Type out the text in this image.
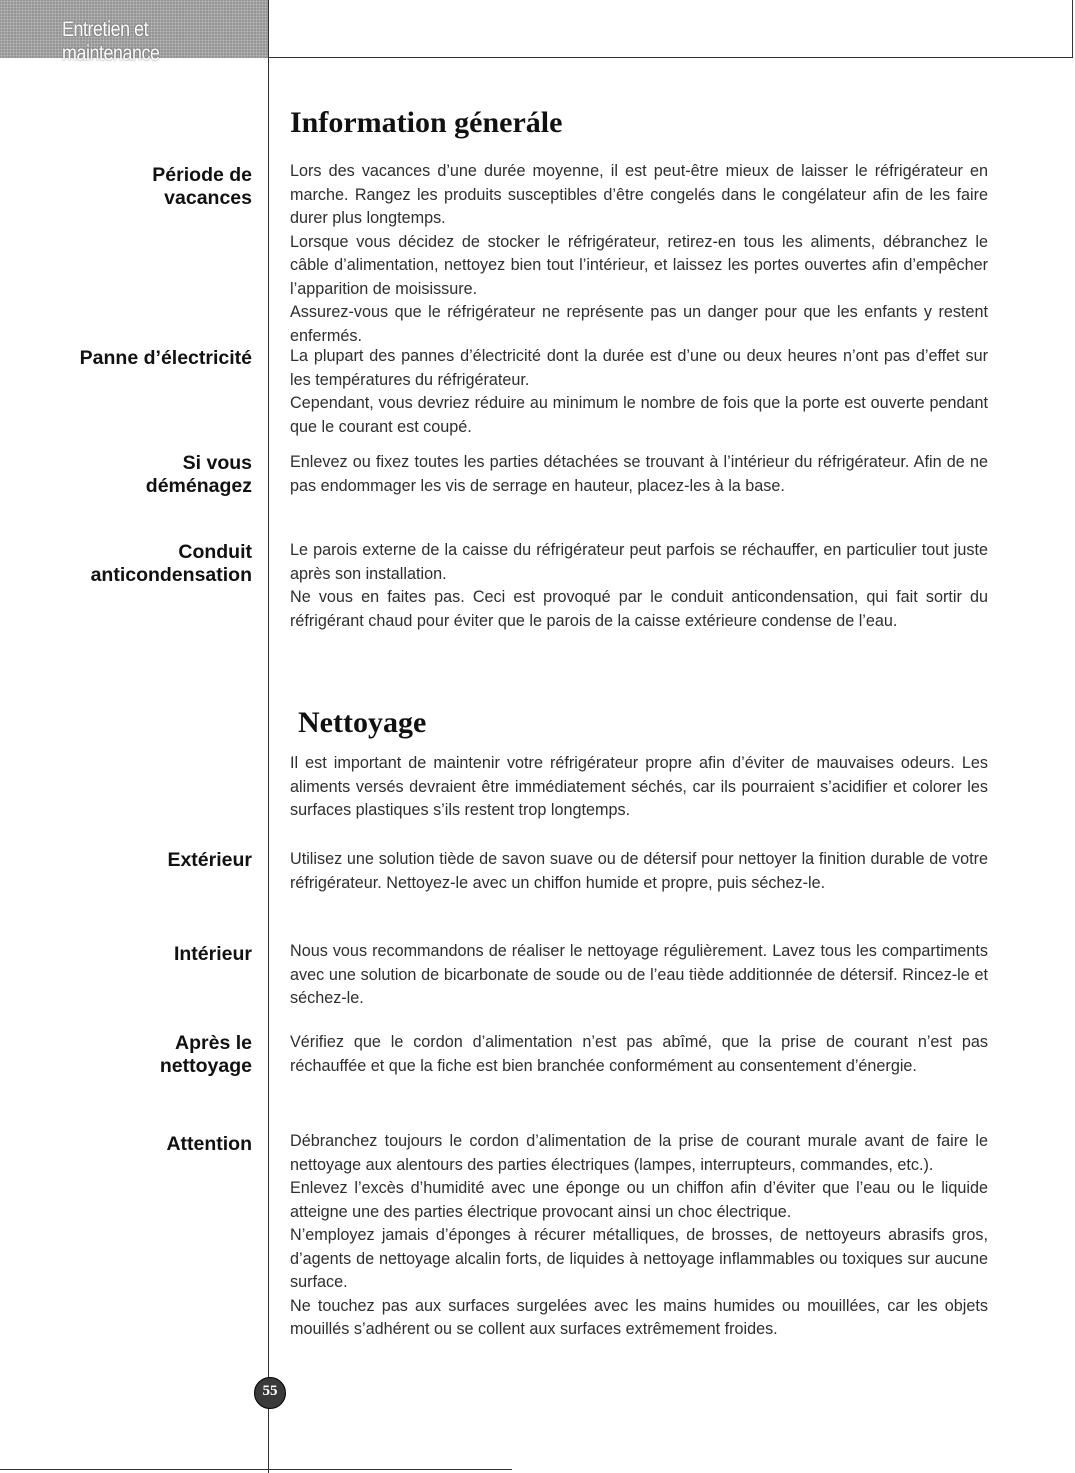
Entretien et maintenance
Information génerále
Période de
vacances

Lors des vacances d’une durée moyenne, il est peut-être mieux de laisser le réfrigérateur en marche. Rangez les produits susceptibles d’être congelés dans le congélateur afin de les faire durer plus longtemps.

Lorsque vous décidez de stocker le réfrigérateur, retirez-en tous les aliments, débranchez le câble d’alimentation, nettoyez bien tout l’intérieur, et laissez les portes ouvertes afin d’empêcher l’apparition de moisissure.

Assurez-vous que le réfrigérateur ne représente pas un danger pour que les enfants y restent enfermés.

Panne d’électricité La plupart des pannes d’électricité dont la durée est d’une ou deux heures n’ont pas d’effet sur les températures du réfrigérateur.

Cependant, vous devriez réduire au minimum le nombre de fois que la porte est ouverte pendant que le courant est coupé.

Si vous
déménagez

Enlevez ou fixez toutes les parties détachées se trouvant à l’intérieur du réfrigérateur. Afin de ne pas endommager les vis de serrage en hauteur, placez-les à la base.

Conduit
anticondensation

Le parois externe de la caisse du réfrigérateur peut parfois se réchauffer, en particulier tout juste après son installation.

Ne vous en faites pas. Ceci est provoqué par le conduit anticondensation, qui fait sortir du réfrigérant chaud pour éviter que le parois de la caisse extérieure condense de l’eau.

Nettoyage

Il est important de maintenir votre réfrigérateur propre afin d’éviter de mauvaises odeurs. Les aliments versés devraient être immédiatement séchés, car ils pourraient s’acidifier et colorer les surfaces plastiques s’ils restent trop longtemps.

Extérieur Utilisez une solution tiède de savon suave ou de détersif pour nettoyer la finition durable de votre réfrigérateur. Nettoyez-le avec un chiffon humide et propre, puis séchez-le.

Intérieur Nous vous recommandons de réaliser le nettoyage régulièrement. Lavez tous les compartiments avec une solution de bicarbonate de soude ou de l’eau tiède additionnée de détersif. Rincez-le et séchez-le.

Après le
nettoyage

Vérifiez que le cordon d’alimentation n’est pas abîmé, que la prise de courant n’est pas réchauffée et que la fiche est bien branchée conformément au consentement d’énergie.

Attention Débranchez toujours le cordon d’alimentation de la prise de courant murale avant de faire le nettoyage aux alentours des parties électriques (lampes, interrupteurs, commandes, etc.).

Enlevez l’excès d’humidité avec une éponge ou un chiffon afin d’éviter que l’eau ou le liquide atteigne une des parties électrique provocant ainsi un choc électrique.

N’employez jamais d’éponges à récurer métalliques, de brosses, de nettoyeurs abrasifs gros, d’agents de nettoyage alcalin forts, de liquides à nettoyage inflammables ou toxiques sur aucune surface.

Ne touchez pas aux surfaces surgelées avec les mains humides ou mouillées, car les objets mouillés s’adhérent ou se collent aux surfaces extrêmement froides.

55
